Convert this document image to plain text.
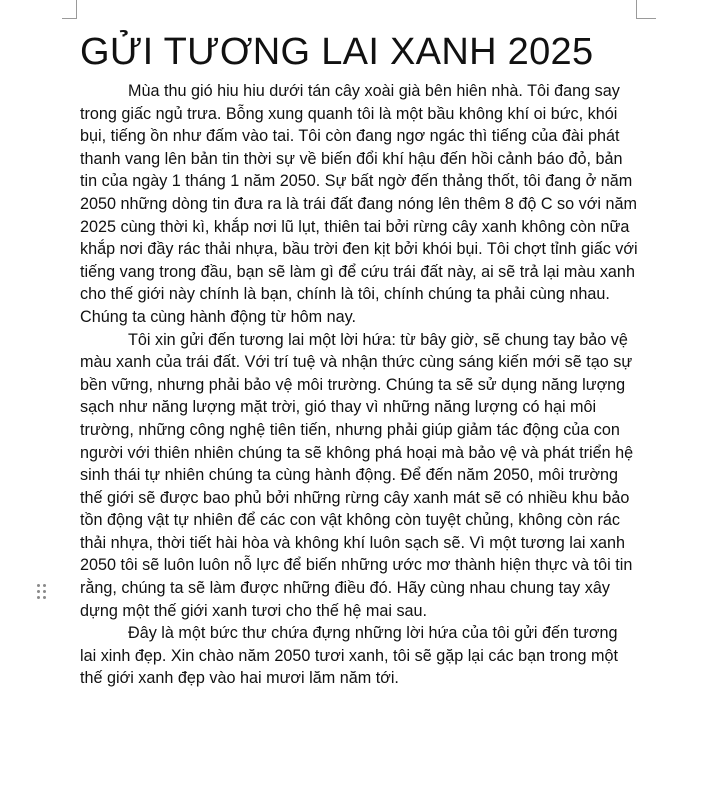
GỬI TƯƠNG LAI XANH 2025

Mùa thu gió hiu hiu dưới tán cây xoài già bên hiên nhà. Tôi đang say trong giấc ngủ trưa. Bỗng xung quanh tôi là một bầu không khí oi bức, khói bụi, tiếng ồn như đấm vào tai. Tôi còn đang ngơ ngác thì tiếng của đài phát thanh vang lên bản tin thời sự về biến đổi khí hậu đến hồi cảnh báo đỏ, bản tin của ngày 1 tháng 1 năm 2050. Sự bất ngờ đến thảng thốt, tôi đang ở năm 2050 những dòng tin đưa ra là trái đất đang nóng lên thêm 8 độ C so với năm 2025 cùng thời kì, khắp nơi lũ lụt, thiên tai bởi rừng cây xanh không còn nữa khắp nơi đầy rác thải nhựa, bầu trời đen kịt bởi khói bụi. Tôi chợt tỉnh giấc với tiếng vang trong đầu, bạn sẽ làm gì để cứu trái đất này, ai sẽ trả lại màu xanh cho thế giới này chính là bạn, chính là tôi, chính chúng ta phải cùng nhau. Chúng ta cùng hành động từ hôm nay.

Tôi xin gửi đến tương lai một lời hứa: từ bây giờ, sẽ chung tay bảo vệ màu xanh của trái đất. Với trí tuệ và nhận thức cùng sáng kiến mới sẽ tạo sự bền vững, nhưng phải bảo vệ môi trường. Chúng ta sẽ sử dụng năng lượng sạch như năng lượng mặt trời, gió thay vì những năng lượng có hại môi trường, những công nghệ tiên tiến, nhưng phải giúp giảm tác động của con người với thiên nhiên chúng ta sẽ không phá hoại mà bảo vệ và phát triển hệ sinh thái tự nhiên chúng ta cùng hành động. Để đến năm 2050, môi trường thế giới sẽ được bao phủ bởi những rừng cây xanh mát sẽ có nhiều khu bảo tồn động vật tự nhiên để các con vật không còn tuyệt chủng, không còn rác thải nhựa, thời tiết hài hòa và không khí luôn sạch sẽ. Vì một tương lai xanh 2050 tôi sẽ luôn luôn nỗ lực để biến những ước mơ thành hiện thực và tôi tin rằng, chúng ta sẽ làm được những điều đó. Hãy cùng nhau chung tay xây dựng một thế giới xanh tươi cho thế hệ mai sau.

Đây là một bức thư chứa đựng những lời hứa của tôi gửi đến tương lai xinh đẹp. Xin chào năm 2050 tươi xanh, tôi sẽ gặp lại các bạn trong một thế giới xanh đẹp vào hai mươi lăm năm tới.
